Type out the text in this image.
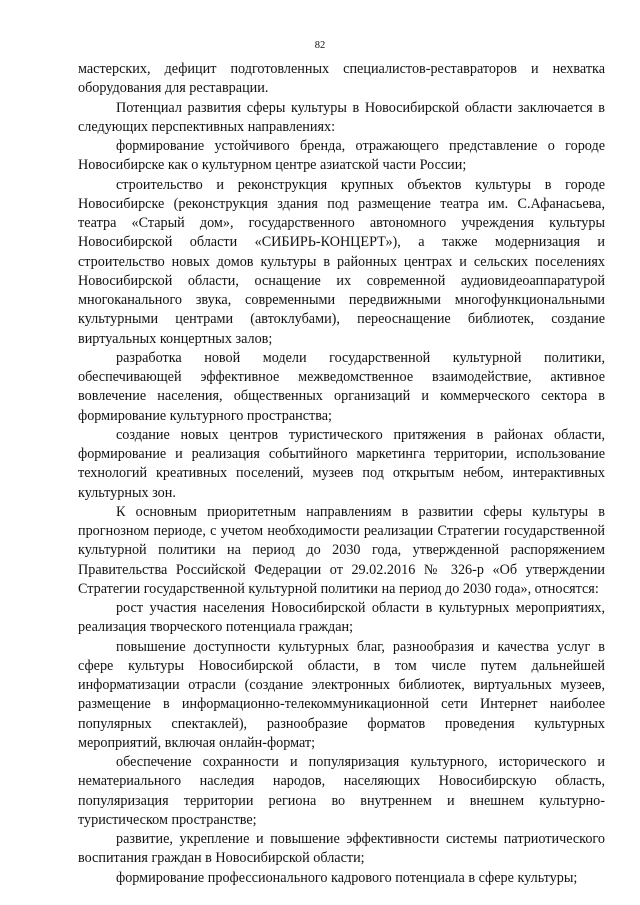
82

мастерских, дефицит подготовленных специалистов-реставраторов и нехватка оборудования для реставрации.

Потенциал развития сферы культуры в Новосибирской области заключается в следующих перспективных направлениях:

формирование устойчивого бренда, отражающего представление о городе Новосибирске как о культурном центре азиатской части России;

строительство и реконструкция крупных объектов культуры в городе Новосибирске (реконструкция здания под размещение театра им. С.Афанасьева, театра «Старый дом», государственного автономного учреждения культуры Новосибирской области «СИБИРЬ-КОНЦЕРТ»), а также модернизация и строительство новых домов культуры в районных центрах и сельских поселениях Новосибирской области, оснащение их современной аудиовидеоаппаратурой многоканального звука, современными передвижными многофункциональными культурными центрами (автоклубами), переоснащение библиотек, создание виртуальных концертных залов;

разработка новой модели государственной культурной политики, обеспечивающей эффективное межведомственное взаимодействие, активное вовлечение населения, общественных организаций и коммерческого сектора в формирование культурного пространства;

создание новых центров туристического притяжения в районах области, формирование и реализация событийного маркетинга территории, использование технологий креативных поселений, музеев под открытым небом, интерактивных культурных зон.

К основным приоритетным направлениям в развитии сферы культуры в прогнозном периоде, с учетом необходимости реализации Стратегии государственной культурной политики на период до 2030 года, утвержденной распоряжением Правительства Российской Федерации от 29.02.2016 № 326-р «Об утверждении Стратегии государственной культурной политики на период до 2030 года», относятся:

рост участия населения Новосибирской области в культурных мероприятиях, реализация творческого потенциала граждан;

повышение доступности культурных благ, разнообразия и качества услуг в сфере культуры Новосибирской области, в том числе путем дальнейшей информатизации отрасли (создание электронных библиотек, виртуальных музеев, размещение в информационно-телекоммуникационной сети Интернет наиболее популярных спектаклей), разнообразие форматов проведения культурных мероприятий, включая онлайн-формат;

обеспечение сохранности и популяризация культурного, исторического и нематериального наследия народов, населяющих Новосибирскую область, популяризация территории региона во внутреннем и внешнем культурно-туристическом пространстве;

развитие, укрепление и повышение эффективности системы патриотического воспитания граждан в Новосибирской области;

формирование профессионального кадрового потенциала в сфере культуры;
